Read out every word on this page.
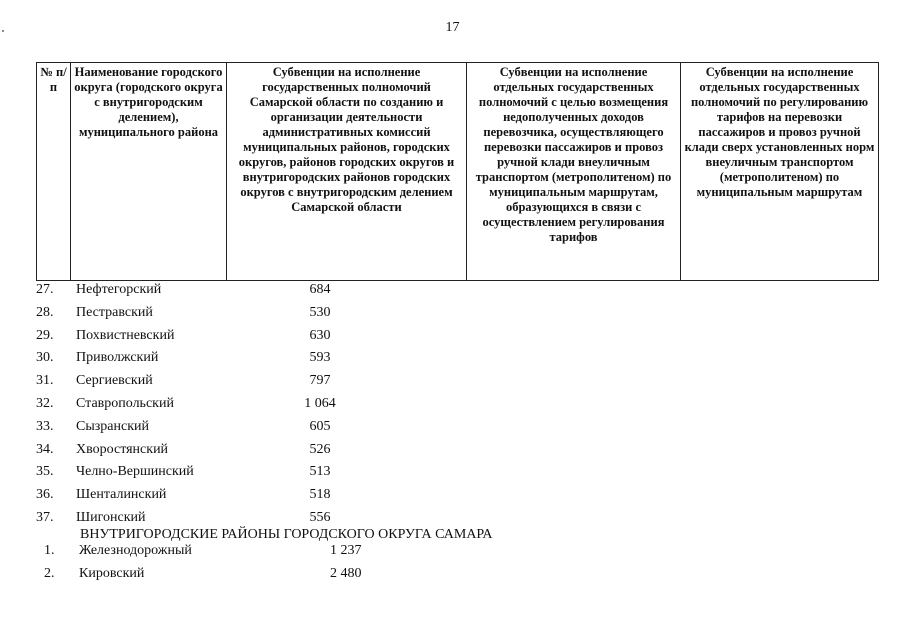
17
№ п/п	Наименование городского округа (городского округа с внутригородским делением), муниципального района	Субвенции на исполнение государственных полномочий Самарской области по созданию и организации деятельности административных комиссий муниципальных районов, городских округов, районов городских округов и внутригородских районов городских округов с внутригородским делением Самарской области	Субвенции на исполнение отдельных государственных полномочий с целью возмещения недополученных доходов перевозчика, осуществляющего перевозки пассажиров и провоз ручной клади внеуличным транспортом (метрополитеном) по муниципальным маршрутам, образующихся в связи с осуществлением регулирования тарифов	Субвенции на исполнение отдельных государственных полномочий по регулированию тарифов на перевозки пассажиров и провоз ручной клади сверх установленных норм внеуличным транспортом (метрополитеном) по муниципальным маршрутам
27.	Нефтегорский	684
28.	Пестравский	530
29.	Похвистневский	630
30.	Приволжский	593
31.	Сергиевский	797
32.	Ставропольский	1 064
33.	Сызранский	605
34.	Хворостянский	526
35.	Челно-Вершинский	513
36.	Шенталинский	518
37.	Шигонский	556
ВНУТРИГОРОДСКИЕ РАЙОНЫ ГОРОДСКОГО ОКРУГА САМАРА
1.	Железнодорожный	1 237
2.	Кировский	2 480
